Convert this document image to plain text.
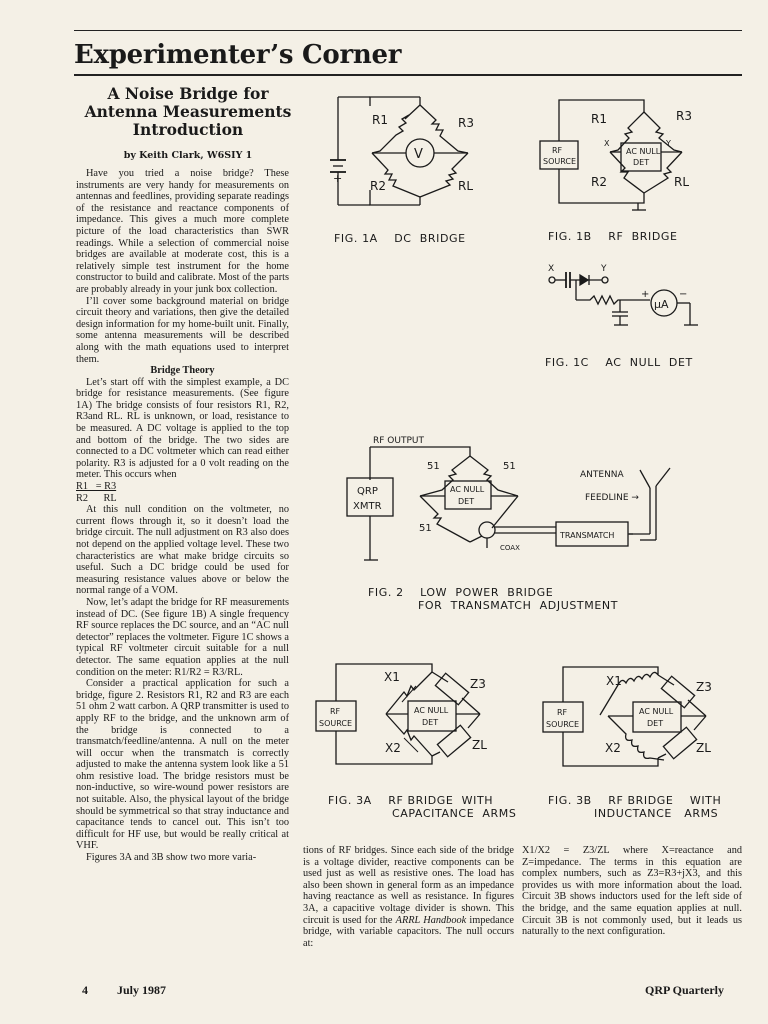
Experimenter’s Corner
A Noise Bridge for
Antenna Measurements
Introduction
by Keith Clark, W6SIY 1

Have you tried a noise bridge? These instruments are very handy for measurements on antennas and feedlines, providing separate readings of the resistance and reactance components of impedance. This gives a much more complete picture of the load characteristics than SWR readings. While a selection of commercial noise bridges are available at moderate cost, this is a relatively simple test instrument for the home constructor to build and calibrate. Most of the parts are probably already in your junk box collection.

I’ll cover some background material on bridge circuit theory and variations, then give the detailed design information for my home-built unit. Finally, some antenna measurements will be described along with the math equations used to interpret them.

Bridge Theory

Let’s start off with the simplest example, a DC bridge for resistance measurements. (See figure 1A) The bridge consists of four resistors R1, R2, R3and RL. RL is unknown, or load, resistance to be measured. A DC voltage is applied to the top and bottom of the bridge. The two sides are connected to a DC voltmeter which can read either polarity. R3 is adjusted for a 0 volt reading on the meter. This occurs when

R1   = R3
R2      RL

At this null condition on the voltmeter, no current flows through it, so it doesn’t load the bridge circuit. The null adjustment on R3 also does not depend on the applied voltage level. These two characteristics are what make bridge circuits so useful. Such a DC bridge could be used for measuring resistance values above or below the normal range of a VOM.

Now, let’s adapt the bridge for RF measurements instead of DC. (See figure 1B) A single frequency RF source replaces the DC source, and an “AC null detector” replaces the voltmeter. Figure 1C shows a typical RF voltmeter circuit suitable for a null detector. The same equation applies at the null condition on the meter: R1/R2 = R3/RL.

Consider a practical application for such a bridge, figure 2. Resistors R1, R2 and R3 are each 51 ohm 2 watt carbon. A QRP transmitter is used to apply RF to the bridge, and the unknown arm of the bridge is connected to a transmatch/feedline/antenna. A null on the meter will occur when the transmatch is correctly adjusted to make the antenna system look like a 51 ohm resistive load. The bridge resistors must be non-inductive, so wire-wound power resistors are not suitable. Also, the physical layout of the bridge should be symmetrical so that stray inductance and capacitance tends to cancel out. This isn’t too difficult for HF use, but would be really critical at VHF.

Figures 3A and 3B show two more varia-

tions of RF bridges. Since each side of the bridge is a voltage divider, reactive components can be used just as well as resistive ones. The load has also been shown in general form as an impedance having reactance as well as resistance. In figures 3A, a capacitive voltage divider is shown. This circuit is used for the ARRL Handbook impedance bridge, with variable capacitors. The null occurs at:

X1/X2 = Z3/ZL where X=reactance and Z=impedance. The terms in this equation are complex numbers, such as Z3=R3+jX3, and this provides us with more information about the load. Circuit 3B shows inductors used for the left side of the bridge, and the same equation applies at null. Circuit 3B is not commonly used, but it leads us naturally to the next configuration.

V
R1	R3
R2	RL
+
FIG. 1A    DC  BRIDGE
RF
SOURCE
AC NULL
DET
R1	R3
R2	RL
X	Y
FIG. 1B    RF  BRIDGE
X	Y
μA
+	−
FIG. 1C    AC  NULL  DET
RF OUTPUT
QRP
XMTR
AC NULL
DET
51	51
51
COAX
TRANSMATCH
ANTENNA
FEEDLINE →
FIG. 2    LOW  POWER  BRIDGE
FOR  TRANSMATCH  ADJUSTMENT
RF
SOURCE
AC NULL
DET
X1	Z3
X2	ZL
FIG. 3A    RF BRIDGE  WITH
CAPACITANCE  ARMS
RF
SOURCE
AC NULL
DET
X1	Z3
X2	ZL
FIG. 3B    RF BRIDGE    WITH
INDUCTANCE   ARMS
4 July 1987	QRP Quarterly
